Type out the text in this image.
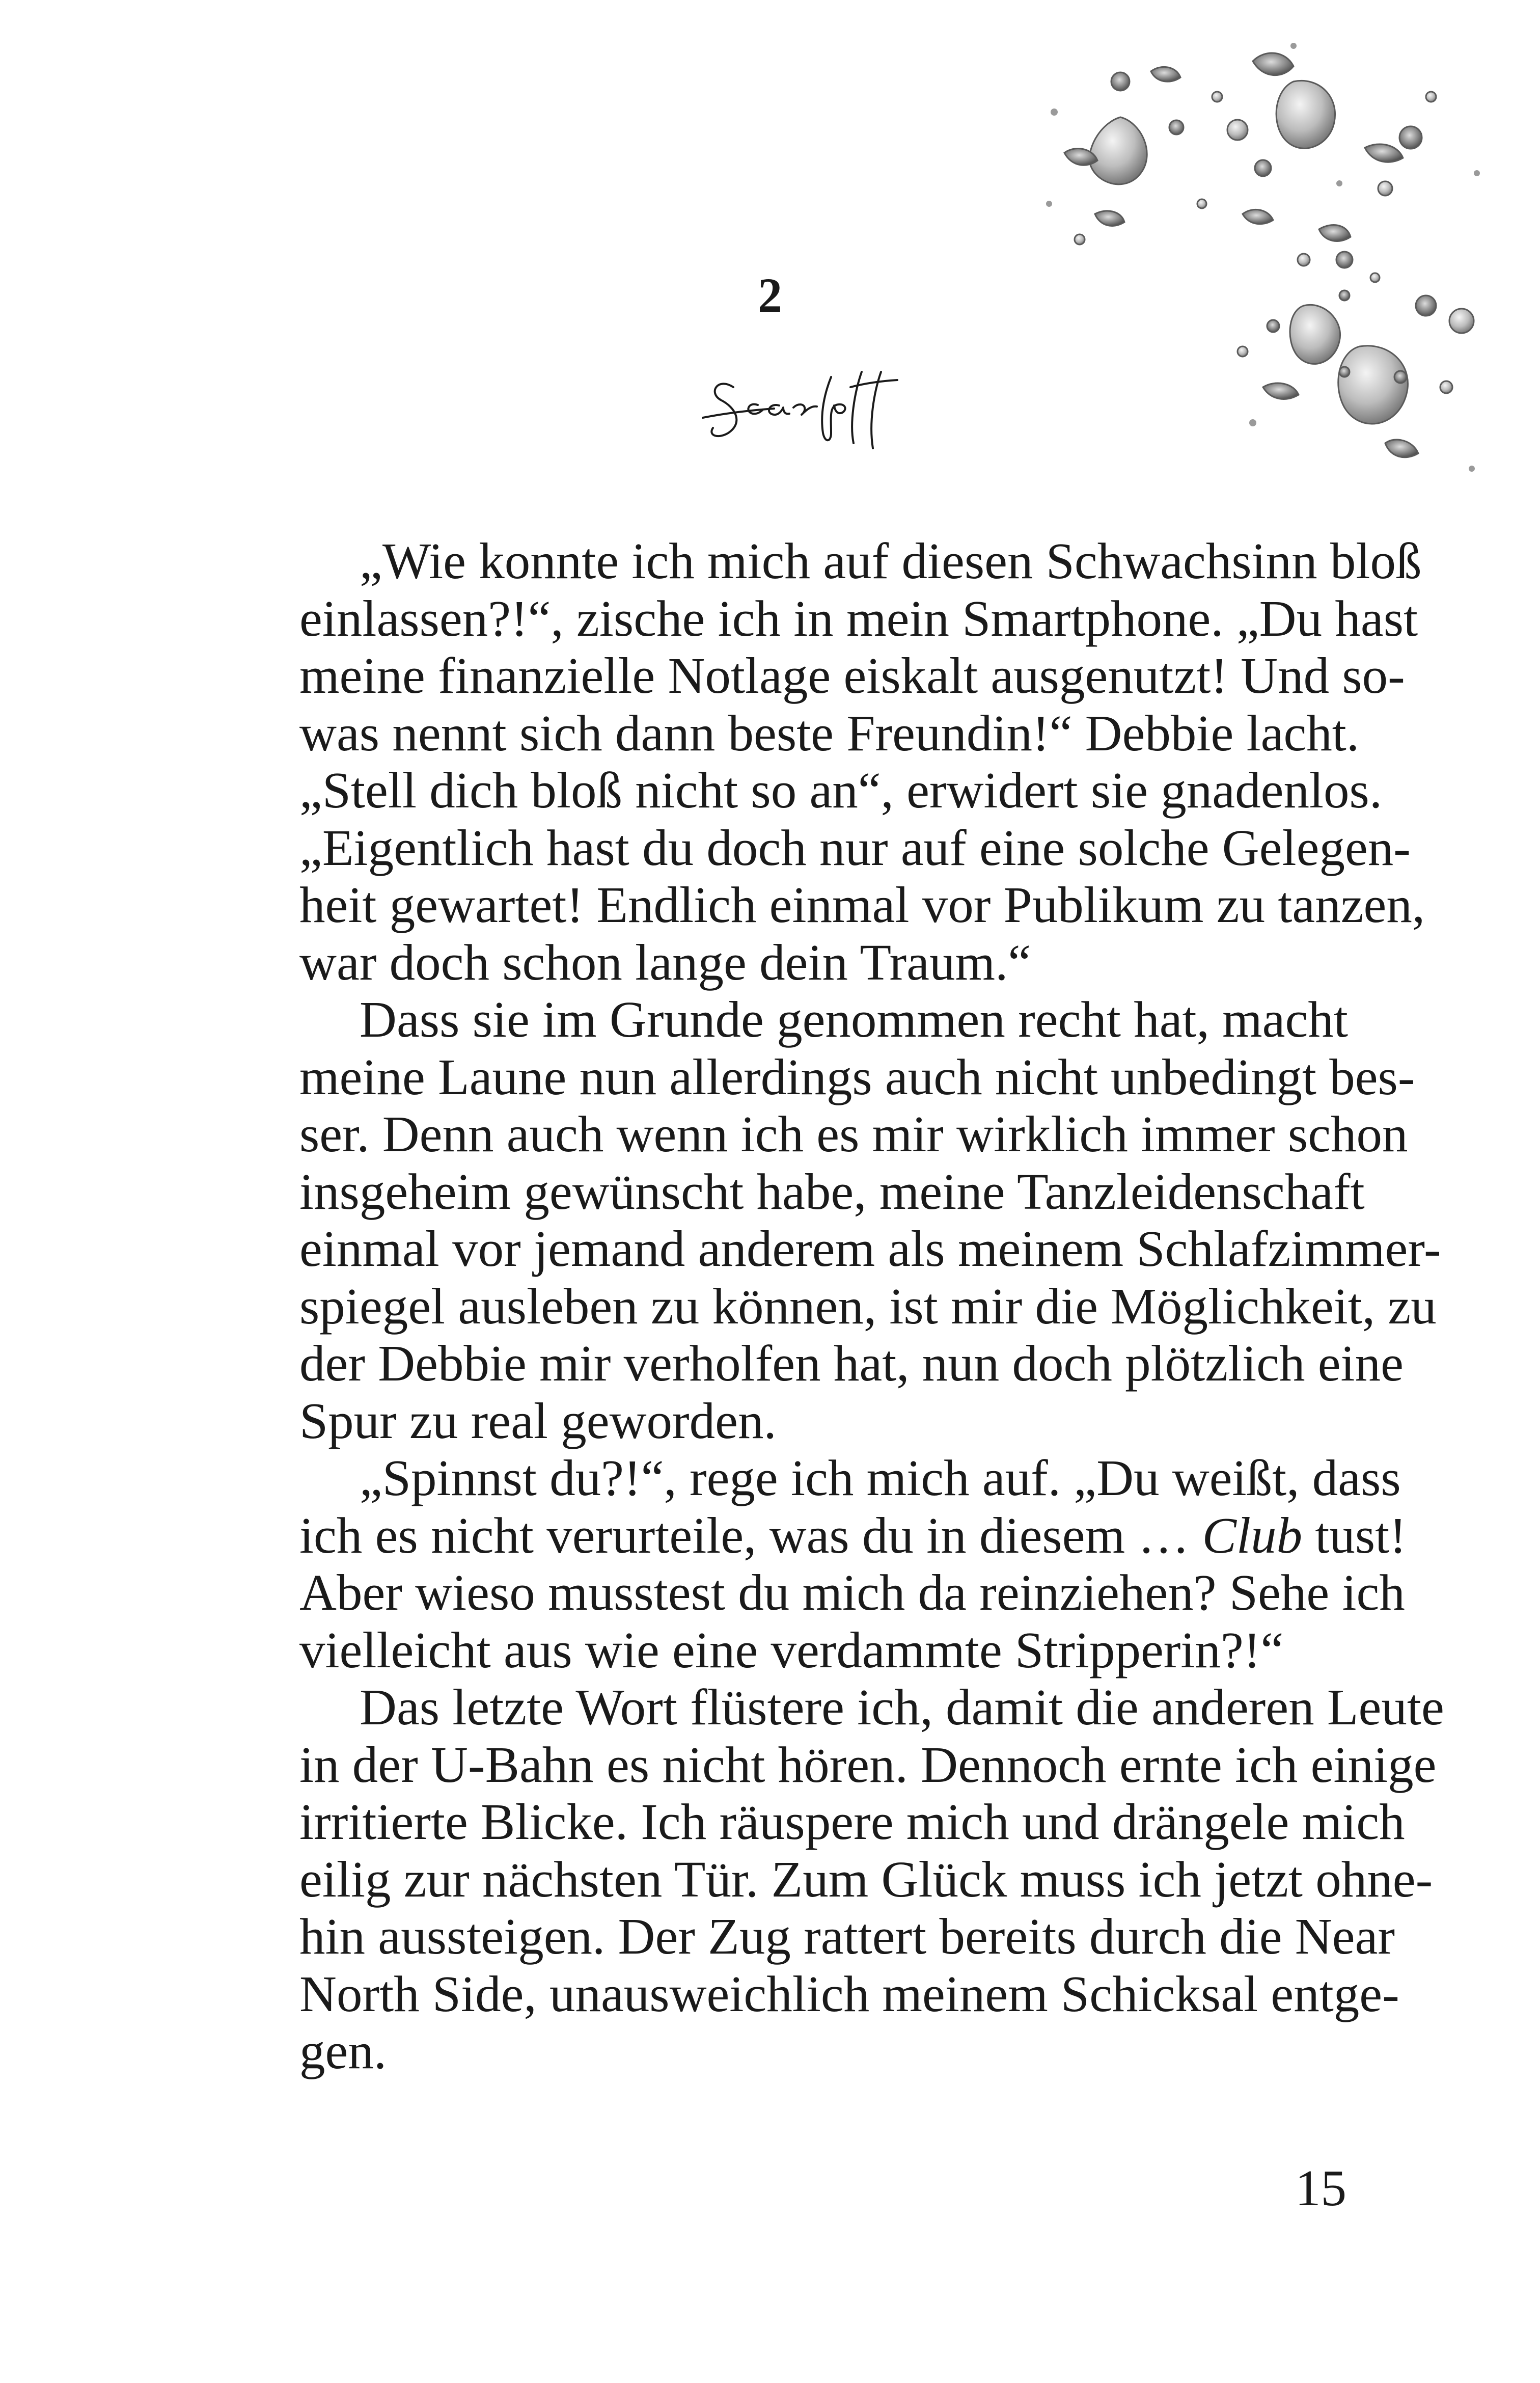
2

„Wie konnte ich mich auf diesen Schwachsinn bloß
einlassen?!“, zische ich in mein Smartphone. „Du hast
meine finanzielle Notlage eiskalt ausgenutzt! Und so-
was nennt sich dann beste Freundin!“ Debbie lacht.
„Stell dich bloß nicht so an“, erwidert sie gnadenlos.
„Eigentlich hast du doch nur auf eine solche Gelegen-
heit gewartet! Endlich einmal vor Publikum zu tanzen,
war doch schon lange dein Traum.“

Dass sie im Grunde genommen recht hat, macht
meine Laune nun allerdings auch nicht unbedingt bes-
ser. Denn auch wenn ich es mir wirklich immer schon
insgeheim gewünscht habe, meine Tanzleidenschaft
einmal vor jemand anderem als meinem Schlafzimmer-
spiegel ausleben zu können, ist mir die Möglichkeit, zu
der Debbie mir verholfen hat, nun doch plötzlich eine
Spur zu real geworden.

„Spinnst du?!“, rege ich mich auf. „Du weißt, dass
ich es nicht verurteile, was du in diesem … Club tust!
Aber wieso musstest du mich da reinziehen? Sehe ich
vielleicht aus wie eine verdammte Stripperin?!“

Das letzte Wort flüstere ich, damit die anderen Leute
in der U-Bahn es nicht hören. Dennoch ernte ich einige
irritierte Blicke. Ich räuspere mich und drängele mich
eilig zur nächsten Tür. Zum Glück muss ich jetzt ohne-
hin aussteigen. Der Zug rattert bereits durch die Near
North Side, unausweichlich meinem Schicksal entge-
gen.

15
